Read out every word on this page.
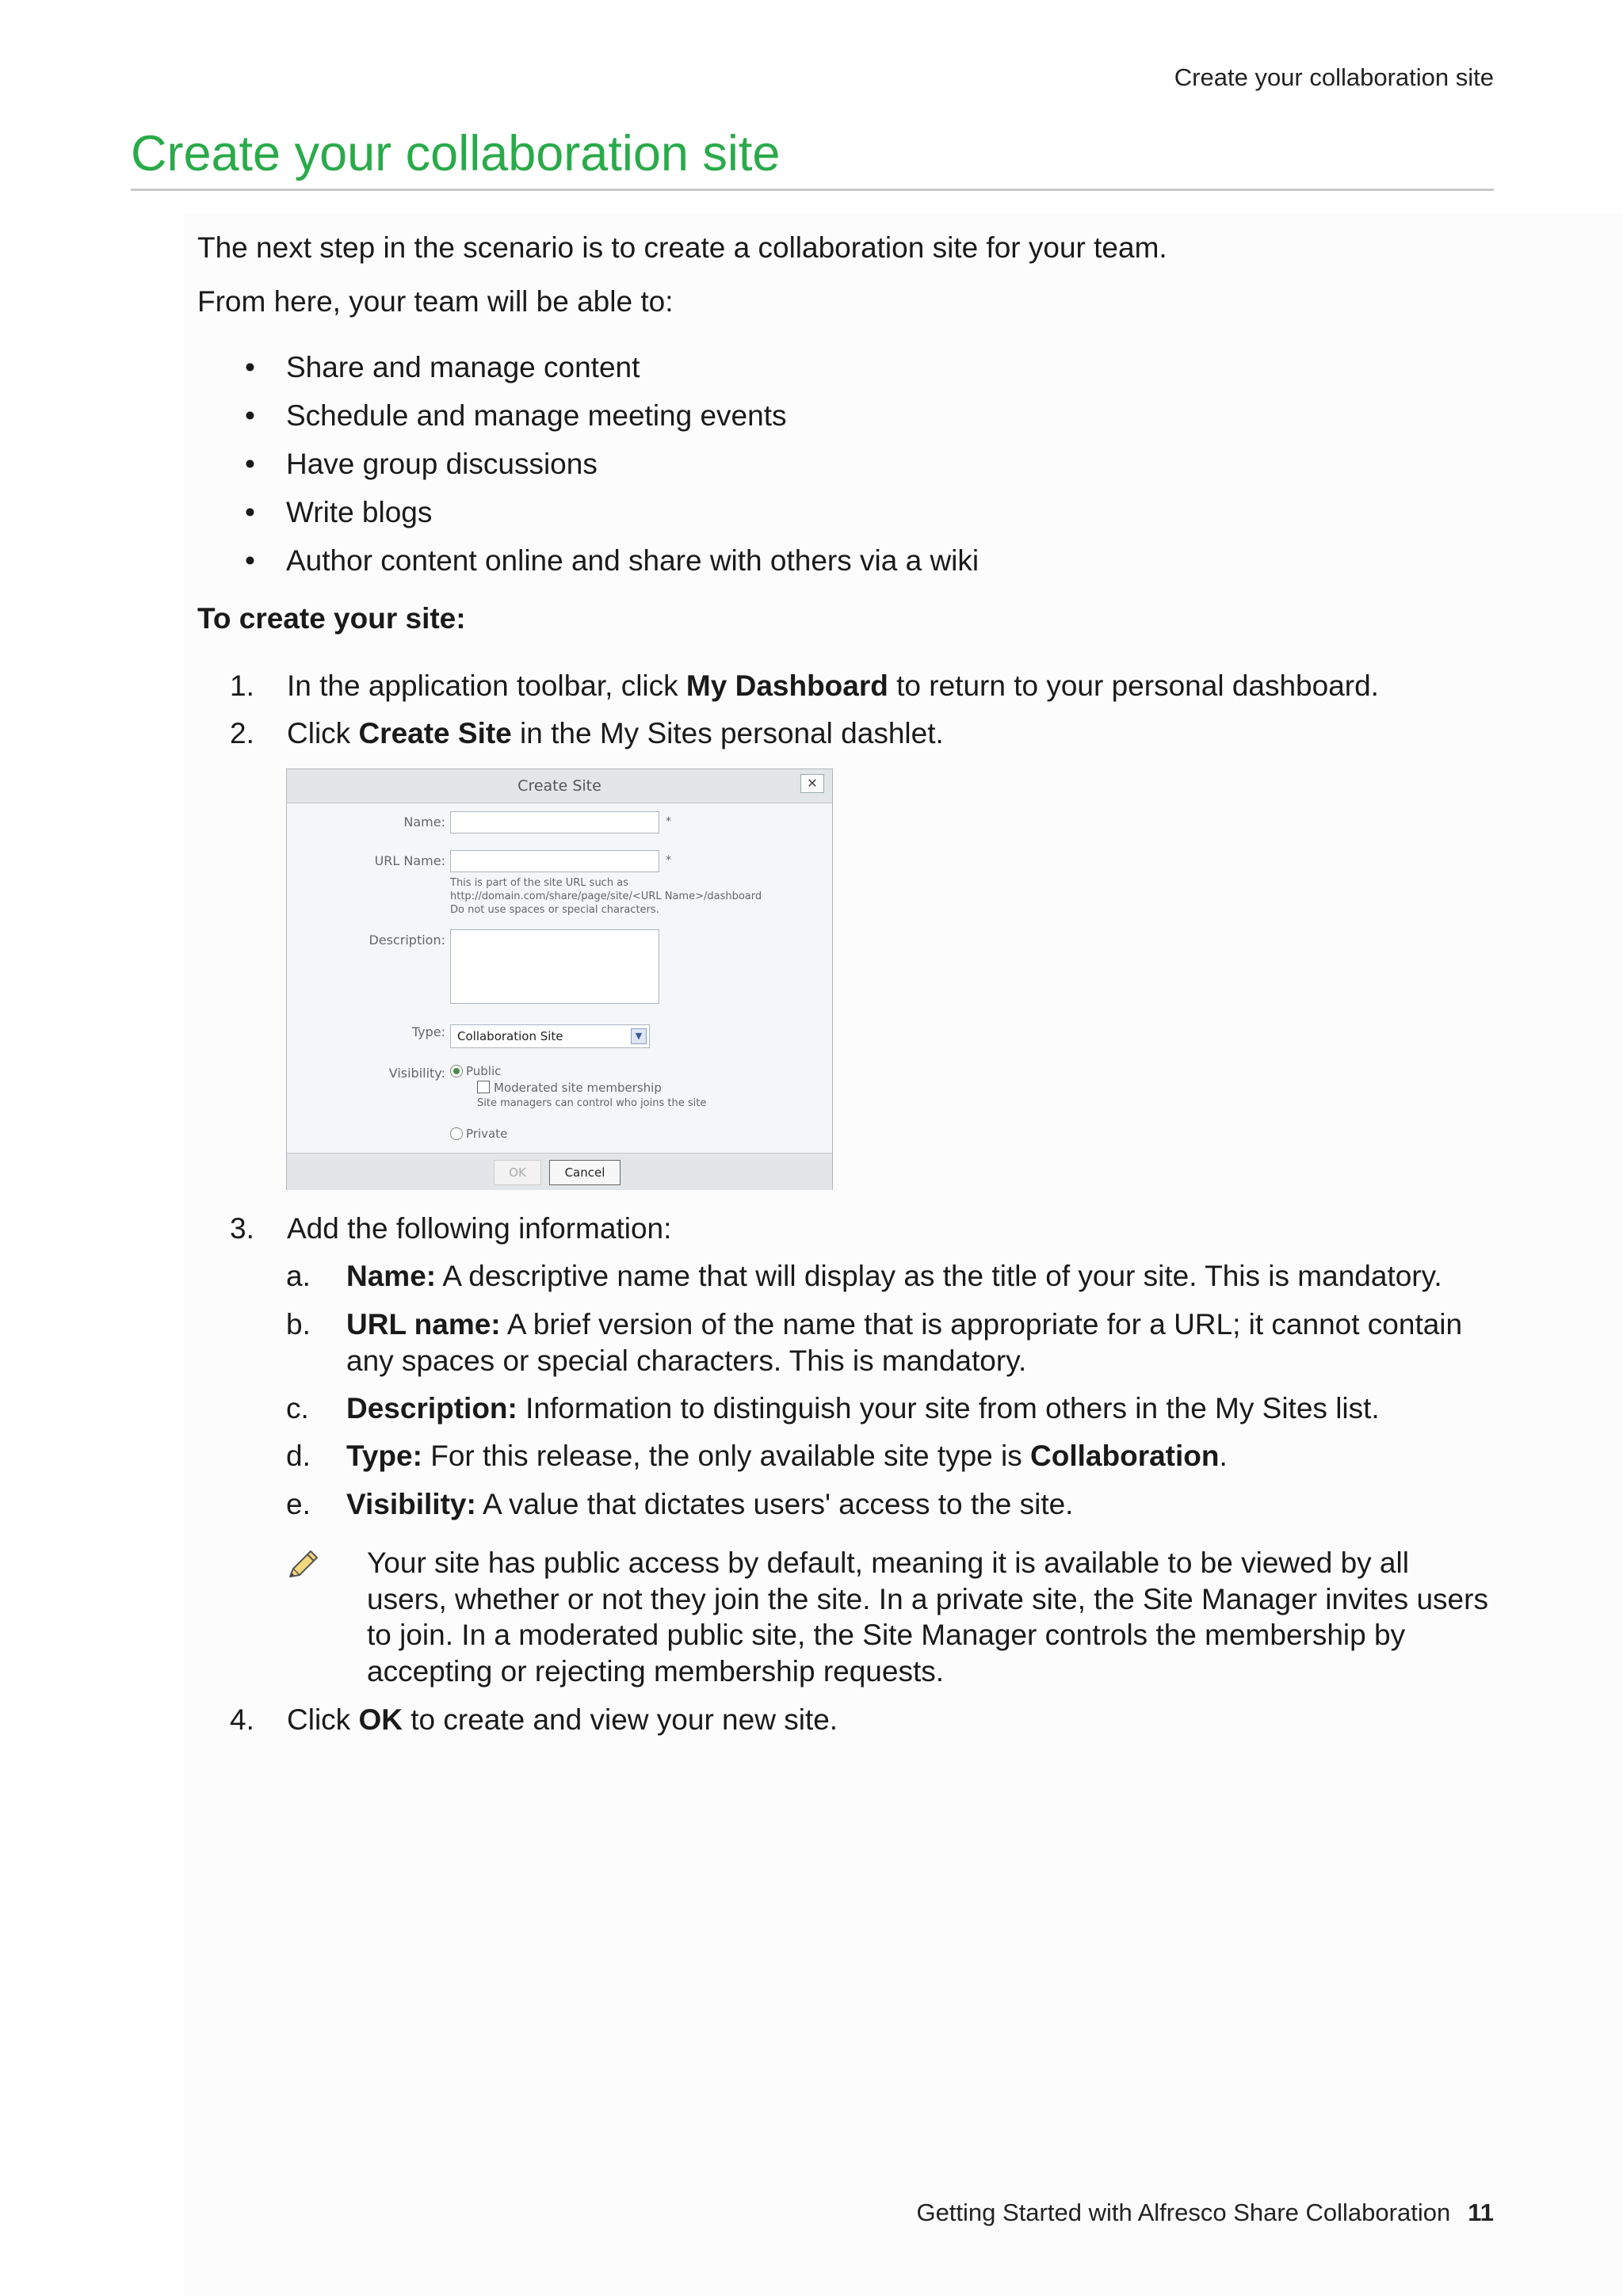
Create your collaboration site
Create your collaboration site
The next step in the scenario is to create a collaboration site for your team.
From here, your team will be able to:
• Share and manage content
• Schedule and manage meeting events
• Have group discussions
• Write blogs
• Author content online and share with others via a wiki
To create your site:
1.	In the application toolbar, click My Dashboard to return to your personal dashboard.
2.	Click Create Site in the My Sites personal dashlet.
Create Site	✕
Name:	*
URL Name:	*
This is part of the site URL such as
http://domain.com/share/page/site/<URL Name>/dashboard
Do not use spaces or special characters.
Description:
Type: Collaboration Site	▼
Visibility: Public
Moderated site membership
Site managers can control who joins the site
Private
OK	Cancel
3.	Add the following information:
a. Name: A descriptive name that will display as the title of your site. This is mandatory.
b. URL name: A brief version of the name that is appropriate for a URL; it cannot contain any spaces or special characters. This is mandatory.
c. Description: Information to distinguish your site from others in the My Sites list.
d. Type: For this release, the only available site type is Collaboration.
e. Visibility: A value that dictates users' access to the site.
Your site has public access by default, meaning it is available to be viewed by all users, whether or not they join the site. In a private site, the Site Manager invites users to join. In a moderated public site, the Site Manager controls the membership by accepting or rejecting membership requests.
4.	Click OK to create and view your new site.
Getting Started with Alfresco Share Collaboration 11
